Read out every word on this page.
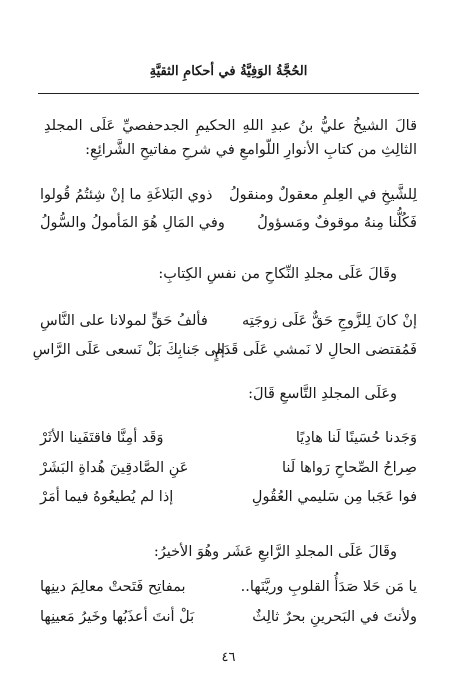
الحُجَّةُ الوَفِيَّةُ في أحكامِ الثقيَّةِ

قالَ الشيخُ عليُّ بنُ عبدِ اللهِ الحكيمِ الجدحفصيِّ عَلَى المجلدِ الثالِثِ من كتابِ الأنوارِ اللّوامعِ في شرحِ مفاتيحِ الشَّرائِعِ:

لِلشَّيخِ في العِلمِ معقولٌ ومنقولُ
ذوي البَلاغَةِ ما إنْ شِئتُمُ قُولوا
فَكُلُّنا مِنهُ موقوفٌ ومَسؤولُ
وفي المَالِ هُوَ المَأمولُ والسُّولُ
وقَالَ عَلَى مجلدِ النِّكاحِ من نفسِ الكِتابِ:
إنْ كانَ لِلزَّوجِ حَقٌّ عَلَى زوجَتِه
فألفُ حَقٍّ لمولانا على النَّاسِ
فَمُقتضى الحالِ لا نَمشي عَلَى قَدَمٍ
إلى جَنابِكَ بَلْ نَسعى عَلَى الرَّاسِ
وعَلَى المجلدِ التَّاسعِ قَالَ:
وَجَدنا حُسَينًا لَنا هادِيًا
وَقَد أمِنَّا فاقتَفَينا الأثَرْ
صِراحُ الصِّحاحِ رَواها لَنا
عَنِ الصَّادقِينَ هُداةِ البَشَرْ
فوا عَجَبا مِن سَليمي العُقُولِ
إذا لم يُطيعُوهُ فيما أمَرْ
وقَالَ عَلَى المجلدِ الرَّابعِ عَشَر وهُوَ الأخيرُ:
يا مَن حَلا صَدَأُ القلوبِ وريَّنَها..
بمفاتِح فَتَحتْ معالِمَ دينِها
ولأنتَ في البَحرينِ بحرٌ ثالِثٌ
بَلْ أنتَ أعذَبُها وخَيرُ مَعينِها
٤٦
